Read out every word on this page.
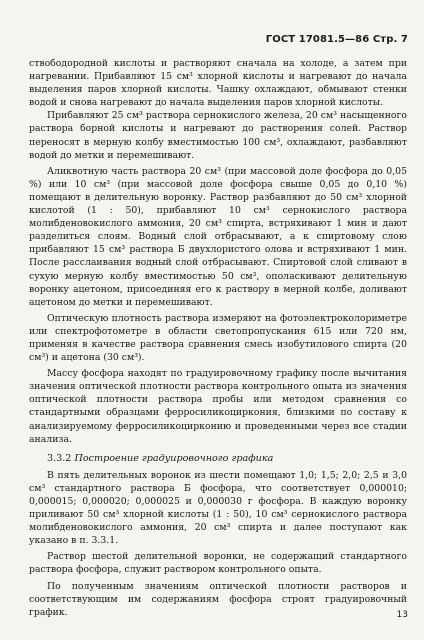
ГОСТ 17081.5—86 Стр. 7

ствободородной кислоты и растворяют сначала на холоде, а затем при нагревании. Прибавляют 15 см³ хлорной кислоты и нагревают до начала выделения паров хлорной кислоты. Чашку охлаждают, обмывают стенки водой и снова нагревают до начала выделения паров хлорной кислоты.

Прибавляют 25 см³ раствора сернокислого железа, 20 см³ насыщенного раствора борной кислоты и нагревают до растворения солей. Раствор переносят в мерную колбу вместимостью 100 см³, охлаждают, разбавляют водой до метки и перемешивают.

Аликвотную часть раствора 20 см³ (при массовой доле фосфора до 0,05 %) или 10 см³ (при массовой доле фосфора свыше 0,05 до 0,10 %) помещают в делительную воронку. Раствор разбавляют до 50 см³ хлорной кислотой (1 : 50), прибавляют 10 см³ сернокислого раствора молибденовокислого аммония, 20 см³ спирта, встряхивают 1 мин и дают разделиться слоям. Водный слой отбрасывают, а к спиртовому слою прибавляют 15 см³ раствора Б двухлористого олова и встряхивают 1 мин. После расслаивания водный слой отбрасывают. Спиртовой слой сливают в сухую мерную колбу вместимостью 50 см³, ополаскивают делительную воронку ацетоном, присоединяя его к раствору в мерной колбе, доливают ацетоном до метки и перемешивают.

Оптическую плотность раствора измеряют на фотоэлектроколориметре или спектрофотометре в области светопропускания 615 или 720 нм, применяя в качестве раствора сравнения смесь изобутилового спирта (20 см³) и ацетона (30 см³).

Массу фосфора находят по градуировочному графику после вычитания значения оптической плотности раствора контрольного опыта из значения оптической плотности раствора пробы или методом сравнения со стандартными образцами ферросиликоциркония, близкими по составу к анализируемому ферросиликоцирконию и проведенными через все стадии анализа.

3.3.2 Построение градуировочного графика

В пять делительных воронок из шести помещают 1,0; 1,5; 2,0; 2,5 и 3,0 см³ стандартного раствора Б фосфора, что соответствует 0,000010; 0,000015; 0,000020; 0,000025 и 0,000030 г фосфора. В каждую воронку приливают 50 см³ хлорной кислоты (1 : 50), 10 см³ сернокислого раствора молибденовокислого аммония, 20 см³ спирта и далее поступают как указано в п. 3.3.1.

Раствор шестой делительной воронки, не содержащий стандартного раствора фосфора, служит раствором контрольного опыта.

По полученным значениям оптической плотности растворов и соответствующим им содержаниям фосфора строят градуировочный график.	13
